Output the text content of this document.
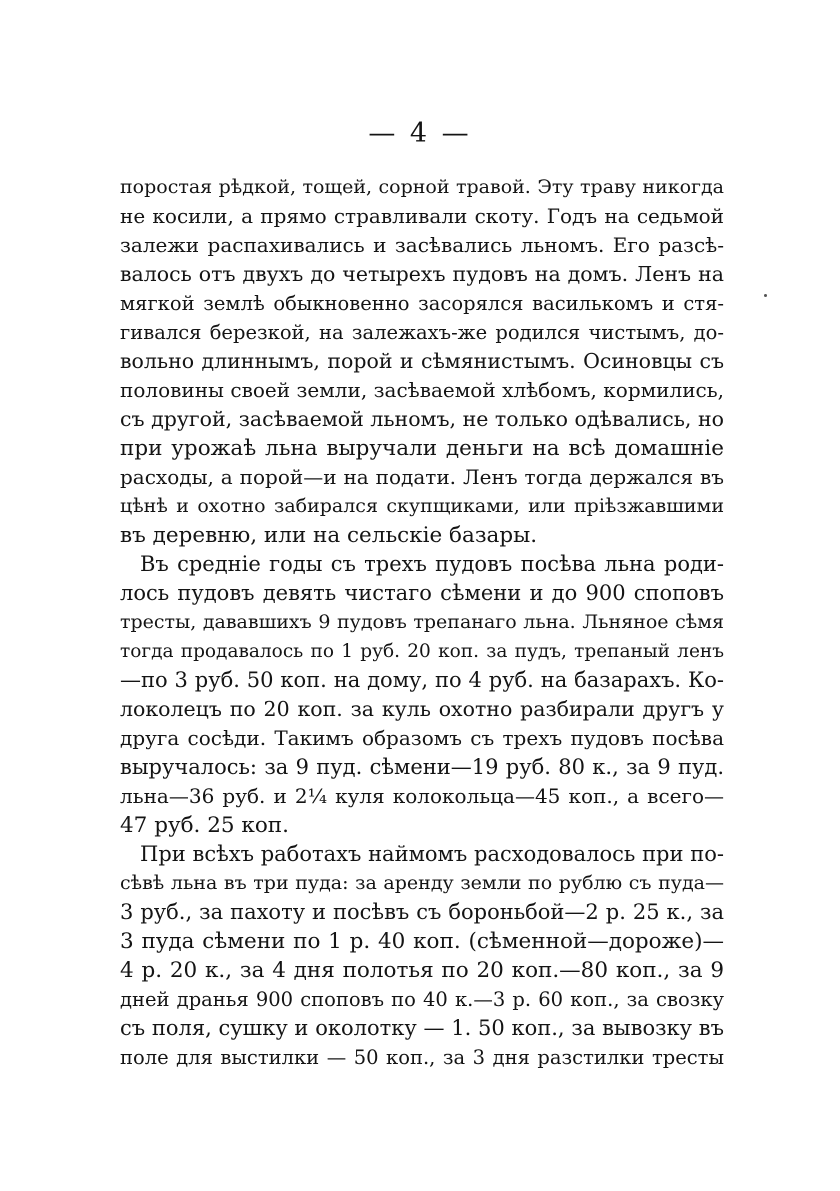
— 4 —
поростая рѣдкой, тощей, сорной травой. Эту траву никогда
не косили, а прямо стравливали скоту. Годъ на седьмой
залежи распахивались и засѣвались льномъ. Его разсѣ-
валось отъ двухъ до четырехъ пудовъ на домъ. Ленъ на
мягкой землѣ обыкновенно засорялся василькомъ и стя-
гивался березкой, на залежахъ-же родился чистымъ, до-
вольно длиннымъ, порой и сѣмянистымъ. Осиновцы съ
половины своей земли, засѣваемой хлѣбомъ, кормились,
съ другой, засѣваемой льномъ, не только одѣвались, но
при урожаѣ льна выручали деньги на всѣ домашніе
расходы, а порой—и на подати. Ленъ тогда держался въ
цѣнѣ и охотно забирался скупщиками, или пріѣзжавшими
въ деревню, или на сельскіе базары.
Въ средніе годы съ трехъ пудовъ посѣва льна роди-
лось пудовъ девять чистаго сѣмени и до 900 споповъ
тресты, дававшихъ 9 пудовъ трепанаго льна. Льняное сѣмя
тогда продавалось по 1 руб. 20 коп. за пудъ, трепаный ленъ
—по 3 руб. 50 коп. на дому, по 4 руб. на базарахъ. Ко-
локолецъ по 20 коп. за куль охотно разбирали другъ у
друга сосѣди. Такимъ образомъ съ трехъ пудовъ посѣва
выручалось: за 9 пуд. сѣмени—19 руб. 80 к., за 9 пуд.
льна—36 руб. и 2¼ куля колокольца—45 коп., а всего—
47 руб. 25 коп.
При всѣхъ работахъ наймомъ расходовалось при по-
сѣвѣ льна въ три пуда: за аренду земли по рублю съ пуда—
3 руб., за пахоту и посѣвъ съ бороньбой—2 р. 25 к., за
3 пуда сѣмени по 1 р. 40 коп. (сѣменной—дороже)—
4 р. 20 к., за 4 дня полотья по 20 коп.—80 коп., за 9
дней дранья 900 споповъ по 40 к.—3 р. 60 коп., за свозку
съ поля, сушку и околотку — 1. 50 коп., за вывозку въ
поле для выстилки — 50 коп., за 3 дня разстилки тресты
